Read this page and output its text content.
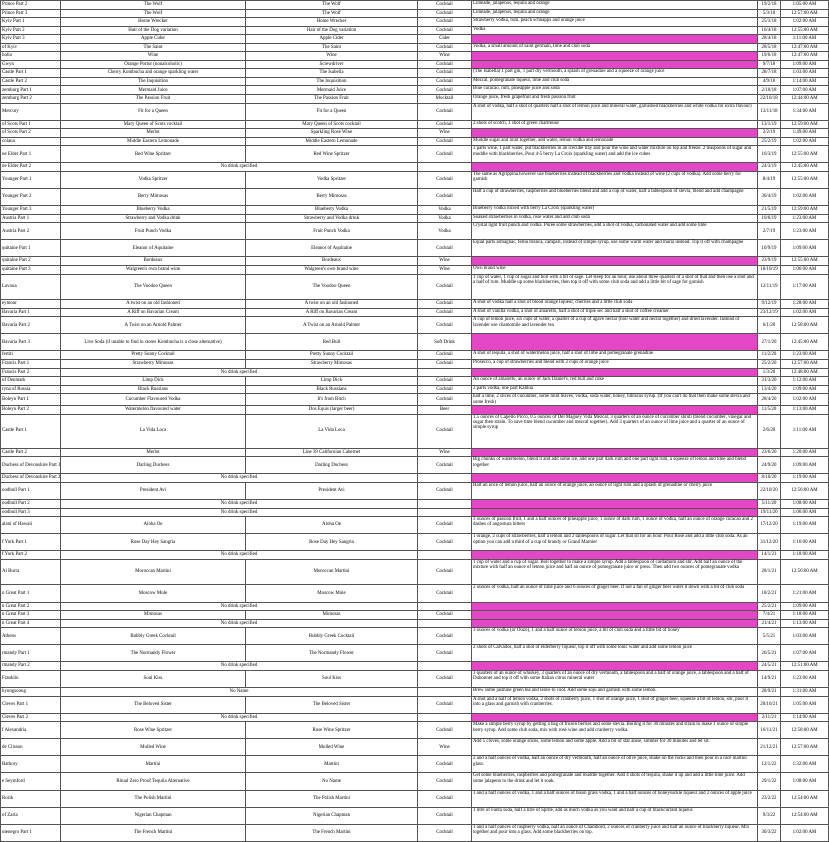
Prince Part 2	The Wolf	The Wolf	Cocktail	Limeade, jalapenos, tequila and orange	19/2/18	1:05:00 AM
Prince Part 3	The Wolf	The Wolf	Cocktail	Limeade, jalapenos, tequila and orange	5/3/18	12:57:00 AM
Kyiv Part 1	Home Wrecker	Home Wrecker	Cocktail	Strawberry vodka, rum, peach schnapps and orange juice	25/3/18	1:02:00 AM
Kyiv Part 2	Hair of the Dog variation	Hair of the Dog variation	Cocktail	Vodka	16/4/18	12:55:00 AM
Kyiv Part 3	Apple Cider	Apple Cider	Cider		28/4/18	1:11:00 AM
of Kyiv	The Saint	The Saint	Cocktail	Vodka, a small amount of saint germain, lime and club soda	28/5/18	12:47:00 AM
bolia	Wine	Wine	Wine		19/6/18	12:47:00 AM
Gwyn	Orange Portor (nonalcoholic)	Screwdriver	Cocktail		9/7/18	1:09:00 AM
Castle Part 1	Cherry Kombucha and orange sparkling water	The Isabella	Cocktail	(The Isabella) 1 part gin, 1 part dry vermouth, a splash of grenadine and a squeeze of orange juice	28/7/18	1:03:00 AM
Castle Part 2	The Inquisition	The Inquisition	Cocktail	Mezcal, pomegranate liqueur, lime and club soda	4/9/18	1:14:00 AM
zemburg Part 1	Mermaid Juice	Mermaid Juice	Cocktail	Blue curacao, rum, pineapple juice and soda	2/10/18	1:07:00 AM
zemburg Part 2	The Passion Fruit	The Passion Fruit	Mocktail	Orange juice, fresh grapefruit and fresh passion fruit	22/10/18	12:44:00 AM
Mercury	Fit for a Queen	Fit for a Queen	Cocktail	A shot of vodka, half a shot of quarters half a shot of lemon juice and mineral water, garnished blackberries and white vodka for extra flavour)	13/11/18	1:34:00 AM
of Scots Part 1	Mary Queen of Scots cocktail	Mary Queen of Scots cocktail	Cocktail	2 shots of scotch, 1 shot of green chartreuse	13/1/19	12:59:00 AM
of Scots Part 2	Merlot	Sparkling Rosé Wine	Wine		2/2/19	1:49:00 AM
colana	Middle Eastern Lemonade	Middle Eastern Lemonade	Cocktail	Muddle sugar and mint together, add water, lemon vodka and lemonade	25/2/19	1:02:00 AM
ne Elder Part 1	Red Wine Spritzer	Red Wine Spritzer	Cocktail	3 parts wine, 1 part water, put blackberries in an icecube tray and pour the wine and water mixture on top and freeze. 2 teaspoons of sugar and muddle with blackberries. Pour 4-5 berry La Croix (sparkling water) and add the ice cubes	16/3/19	12:55:00 AM
ne Elder Part 2	No drink specified				24/3/19	12:45:00 AM
Younger Part 1	Vodka Spritzer	Vodka Spritzer	Cocktail	The same as Agrippina however use blueberries instead of blackberries and vodka instead of wine (2 cups of vodka). Add some berry for garnish	8/4/19	12:55:00 AM
Younger Part 2	Berry Mimosas	Berry Mimosas	Cocktail	Half a cup of strawberries, raspberries and blueberries blend and add a cup of water, half a tablespoon of stevia, blend and add champagne	30/4/19	1:02:00 AM
Younger Part 3	Blueberry Vodka	Blueberry Vodka	Vodka	Blueberry vodka mixed with berry La Croix (sparkling water)	21/5/19	12:59:00 AM
Austria Part 1	Strawberry and Vodka drink	Strawberry and Vodka drink	Vodka	Soaked strawberries in vodka, rose water and add club soda	10/6/19	1:23:00 AM
Austria Part 2	Fruit Punch Vodka	Fruit Punch Vodka	Vodka	Crystal light fruit punch and vodka. Puree some strawberries, add a shot of vodka, carbonated water and add some lime	2/7/19	1:23:00 AM
quitaine Part 1	Eleanor of Aquitaine	Eleanor of Aquitaine	Cocktail	Equal parts armagnac, fernu branca, campari, instead of simple syrup, use some warm water and maria instead. Top it off with champagne	10/9/19	1:09:00 AM
quitaine Part 2	Bordeaux	Bordeaux	Wine		23/9/19	12:55:00 AM
quitaine Part 3	Walgreen's own brand wine	Walgreen's own brand wine	Wine	Own brand wine	18/10/19	1:06:00 AM
Lavoua	The Voodoo Queen	The Voodoo Queen	Cocktail	1 cup of water, 1 cup of sugar and boil with a bit of sage. Let steep for an hour, use about three quarters of a shot of that and then use a shot and a half of rum. Muddle up some blackberries, then top it off with some club soda and add a little bit of sage for garnish	12/11/19	1:17:00 AM
eymour	A twist on an old fashioned	A twist on an old fashioned	Cocktail	A shot of vodka half a shot of blood orange liqueur, cherries and a little club soda	9/12/19	1:28:00 AM
Bavaria Part 1	A Riff on Bavarian Cream	A Riff on Bavarian Cream	Cocktail	A shot of vanilla vodka, a shot of amaretto, half a shot of triple sec and half a shot of coffee creamer	23/12/19	1:02:00 AM
Bavaria Part 2	A Twist on an Arnold Palmer	A Twist on an Arnold Palmer	Cocktail	A cup of lemon juice, six cups of water, a quarter of a cup of agave nectar (boil water and nectar together) and dried lavender. Instead of lavender use chamomile and lavender tea	6/1/20	12:58:00 AM
Bavaria Part 3	Live Soda (if unable to find in stores Kombucha is a close alternative)	Red Bull	Soft Drink		27/1/20	12:45:00 AM
fertiti	Pretty Sunny Cocktail	Pretty Sunny Cocktail	Cocktail	A shot of tequila, a shot of watermelon juice, half a shot of lime and pomegranate grenadine	11/2/20	1:23:00 AM
Francis Part 1	Strawberry Mimosas	Strawberry Mimosas	Cocktail	Prosecco, a cup of strawberries and blend with 2 cups of orange juice	25/2/20	12:57:00 AM
Francis Part 2	No drink specified				1/3/20	12:48:00 AM
of Denmark	Limp Dick	Limp Dick	Cocktail	An ounce of amaretto, an ounce of Jack Daniel's, red bull and coke	31/3/20	1:12:00 AM
ryna of Russia	Black Russians	Black Russians	Cocktail	2 parts vodka, one part Kahlua	13/4/20	1:09:00 AM
Boleyn Part 1	Cucumber Flavoured Vodka	It's from Bitch	Cocktail	half a lime, 2 slices of cucumber, some mint leaves, vodka, soda water, honey, hibiscus syrup. (If you can't do that then make some stevia and some fresh)	28/4/20	1:02:00 AM
Boleyn Part 2	Watermelon flavoured water	Dos Equis (larger beer)	Beer		11/5/20	1:13:00 AM
Castle Part 1	La Vida Loca	La Vida Loca	Cocktail	1.5 ounces of Capello Picco, 0.5 ounces of Del Maguey Vida Mezcal, 3 quarters of an ounce of cucumber shrub (blend cucumber, vinegar and sugar then strain. To save time blend cucumber and mezcal together). Add 3 quarters of an ounce of lime juice and a quarter of an ounce of simple syrup	2/6/20	1:11:00 AM
Castle Part 2	Merlot	Line 39 Californian Cabernet	Wine		23/6/20	1:20:00 AM
Duchess of Devonshire Part 1	Darling Duchess	Darling Duchess	Cocktail	Big chunks of watermelon, blend it and add some ice, add one part dark rum and one part light rum, a squeeze of lemon and lime and blend together	24/9/20	1:09:00 AM
Duchess of Devonshire Part 2	No drink specified				8/10/20	1:19:00 AM
oodbull Part 1	President Avi	President Avi	Cocktail	Half an once of lemon juice, half an ounce of orange juice, an ounce of light rum and a splash of grenadine or cherry juice	22/10/20	12:56:00 AM
oodbull Part 2	No drink specified				5/11/20	1:08:00 AM
oodbull Part 3	No drink specified				19/11/20	1:06:00 AM
alani of Hawaii	Aloha Oe	Aloha Oe	Cocktail	3 ounces of passion fruit, 1 and a half ounces of pineapple juice, 1 ounce of dark rum, 1 ounce of vodka, half an ounce of orange curacao and 2 dashes of angostura bitters	17/12/20	1:19:00 AM
f York Part 1	Rose Day Hey Sangria	Rose Day Hey Sangria	Cocktail	1 orange, 2 cups of strawberries, half a lemon and 2 tablespoons of sugar. Let that sit for an hour. Pour Rosé and add a little club soda. As an option you can add a third of a cup of brandy or Grand Marnier	31/12/20	1:16:00 AM
f York Part 2	No drink specified				14/1/21	1:18:00 AM
Al Burra	Moroccan Martini	Moroccan Martini	Cocktail	1 cup of water and a cup of sugar. Boil together to make a simple syrup. Add a tablespoon of cardamom and stir. Add half an ounce of the mixture with half an ounce of lemon juice and half an ounce of pomegranate juice or press. Then add two ounces of pomegranate vodka	28/1/21	12:56:00 AM
n Great Part 1	Moscow Mule	Moscow Mule	Cocktail	2 ounces of vodka, half an ounce of lime juice and 6 ounces of ginger beer. If not a fan of ginger beer water it down with a bit of club soda	18/2/21	1:21:00 AM
n Great Part 2	No drink specified				25/2/21	1:09:00 AM
n Great Part 3	Mimosas	Mimosas	Cocktail		7/4/21	1:18:00 AM
n Great Part 4	No drink specified				21/4/21	1:13:00 AM
Athens	Bubbly Greek Cocktail	Bubbly Greek Cocktail	Cocktail	3 ounces of vodka (or Ouzo), 1 and a half ounce of lemon juice, a bit of club soda and a little bit of honey	5/5/21	1:03:00 AM
rmandy Part 1	The Normandy Flower	The Normandy Flower	Cocktail	2 shots of Calvados, half a shot of elderberry liqueur, top it off with some tonic water and add some lemon juice	26/5/21	1:07:00 AM
rmandy Part 2	No drink specified				24/5/21	12:51:00 AM
Franklin	Soul Kiss	Soul Kiss	Cocktail	3 quarters of an ounce of whiskey, 3 quarters of an ounce of dry vermouth, a tablespoon and a half of orange juice, a tablespoon and a half of Dubonnet and top it off with some Italian citrus mineral water	14/9/21	1:23:00 AM
hyongsoong	No Name			Brew some jasmine green tea and leave to cool. Add some soju and garnish with some lemon.	28/9/21	1:31:00 AM
Cleves Part 1	The Beloved Sister	The Beloved Sister	Cocktail	A shot and a half of lemon vodka, 2 shots of cranberry juice, 1 shot of orange juice, 1 shot of ginger beer, squeeze a bit of lemon, stir, pour it into a glass and garnish with cranberries.	20/10/21	1:05:00 AM
Cleves Part 2	No drink specified				2/11/21	1:14:00 AM
f Alexandria	Rose Wine Spritzer	Rose Wine Spritzer	Cocktail	Make a simple berry syrup by getting a bag of frozen berries and some stevia. Boiling it for 30 minutes and strain to make 1 ounce of simple berry syrup. Add some club soda, mix with rosé wine and add cranberry vodka.	16/11/21	12:58:00 AM
de Clisson	Mulled Wine	Mulled Wine	Wine	Add 5 cloves, some orange slices, some lemon and some apple. Add a bit of star anise, simmer for 30 minutes and let sit.	21/12/21	12:57:00 AM
Bathory	Martini	Martini	Cocktail	2 and a half ounces of vodka, half an ounce of dry vermouth, half an ounce of olive juice, shake on the rocks and then pour in a nice martini glass.	12/1/22	1:32:00 AM
e Seymford	Ritual Zero Proof Tequila Alternative	No Name	Cocktail	Get some blueberries, raspberries and pomegranate and muddle together. Add 4 shots of tequila, shake it up and add a little lime juice. Add some jalapeno to the drink and let it soak.	29/1/22	1:08:00 AM
Rorik	The Polish Martini	The Polish Martini	Cocktail	1 and a half ounces of vodka, 1 and a half ounces of bison grass vodka, 1 and a half ounces of honeysuckle liqueur and 2 ounces of apple juice	23/2/22	12:54:00 AM
of Zaria	Nigerian Chapman	Nigerian Chapman	Cocktail	1 litre of Fanta soda, half a litre of Sprite, add as much vodka as you want and half a cup of blackcurrant liqueur.	9/3/22	12:54:00 AM
ntenegro Part 1	The French Martini	The French Martini	Cocktail	1 and a half ounces of raspberry vodka, half an ounce of Chambord, 2 ounces of cranberry juice and half an ounce of blackberry liqueur. Mix together and pour into a glass. Add some blackberries on top.	30/3/22	1:02:00 AM
